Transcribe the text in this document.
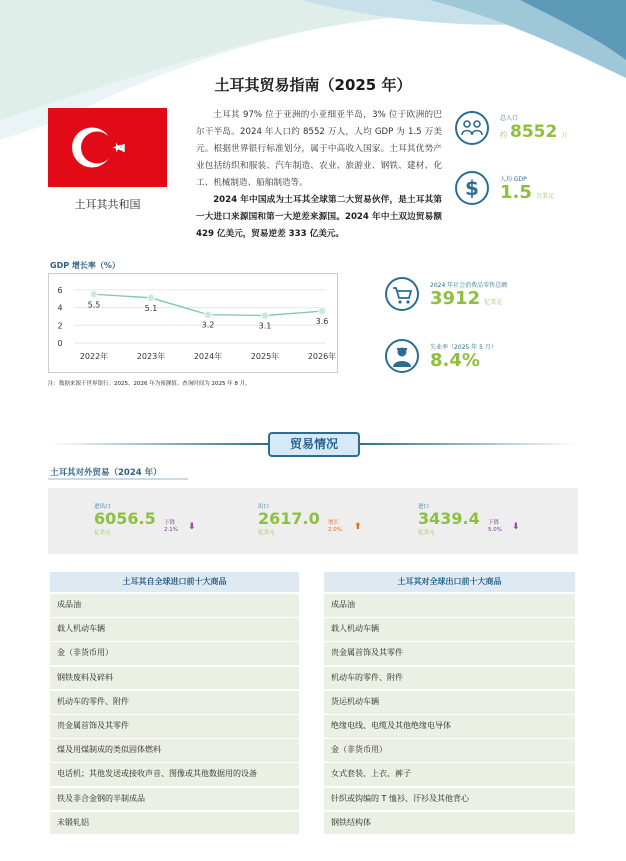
土耳其贸易指南（2025 年）
土耳其共和国

土耳其 97% 位于亚洲的小亚细亚半岛，3% 位于欧洲的巴尔干半岛。2024 年人口约 8552 万人，人均 GDP 为 1.5 万美元。根据世界银行标准划分，属于中高收入国家。土耳其优势产业包括纺织和服装、汽车制造、农业、旅游业、钢铁、建材、化工、机械制造、船舶制造等。

2024 年中国成为土耳其全球第二大贸易伙伴，是土耳其第一大进口来源国和第一大逆差来源国。2024 年中土双边贸易额 429 亿美元，贸易逆差 333 亿美元。

总人口
约 8552 万
$	人均 GDP
1.5 万美元
2024 年社会消费品零售总额
3912 亿美元
失业率（2025 年 5 月）
8.4%
GDP 增长率（%）
0
2
4
6
5.5	5.1
3.2	3.1	3.6
2022年	2023年	2024年	2025年	2026年
注：数据来源于世界银行。2025、2026 年为预测值。查询时间为 2025 年 8 月。
贸易情况
土耳其对外贸易（2024 年）
进出口
6056.5
亿美元
下降
2.1% ⬇
出口
2617.0
亿美元
增长
2.0% ⬆
进口
3439.4
亿美元
下降
5.0% ⬇
土耳其自全球进口前十大商品
成品油
载人机动车辆
金（非货币用）
钢铁废料及碎料
机动车的零件、附件
贵金属首饰及其零件
煤及用煤制成的类似固体燃料
电话机；其他发送或接收声音、图像或其他数据用的设备
铁及非合金钢的半制成品
未锻轧铝
土耳其对全球出口前十大商品
成品油
载人机动车辆
贵金属首饰及其零件
机动车的零件、附件
货运机动车辆
绝缘电线、电缆及其他绝缘电导体
金（非货币用）
女式套装、上衣、裤子
针织或钩编的 T 恤衫、汗衫及其他背心
钢铁结构体
